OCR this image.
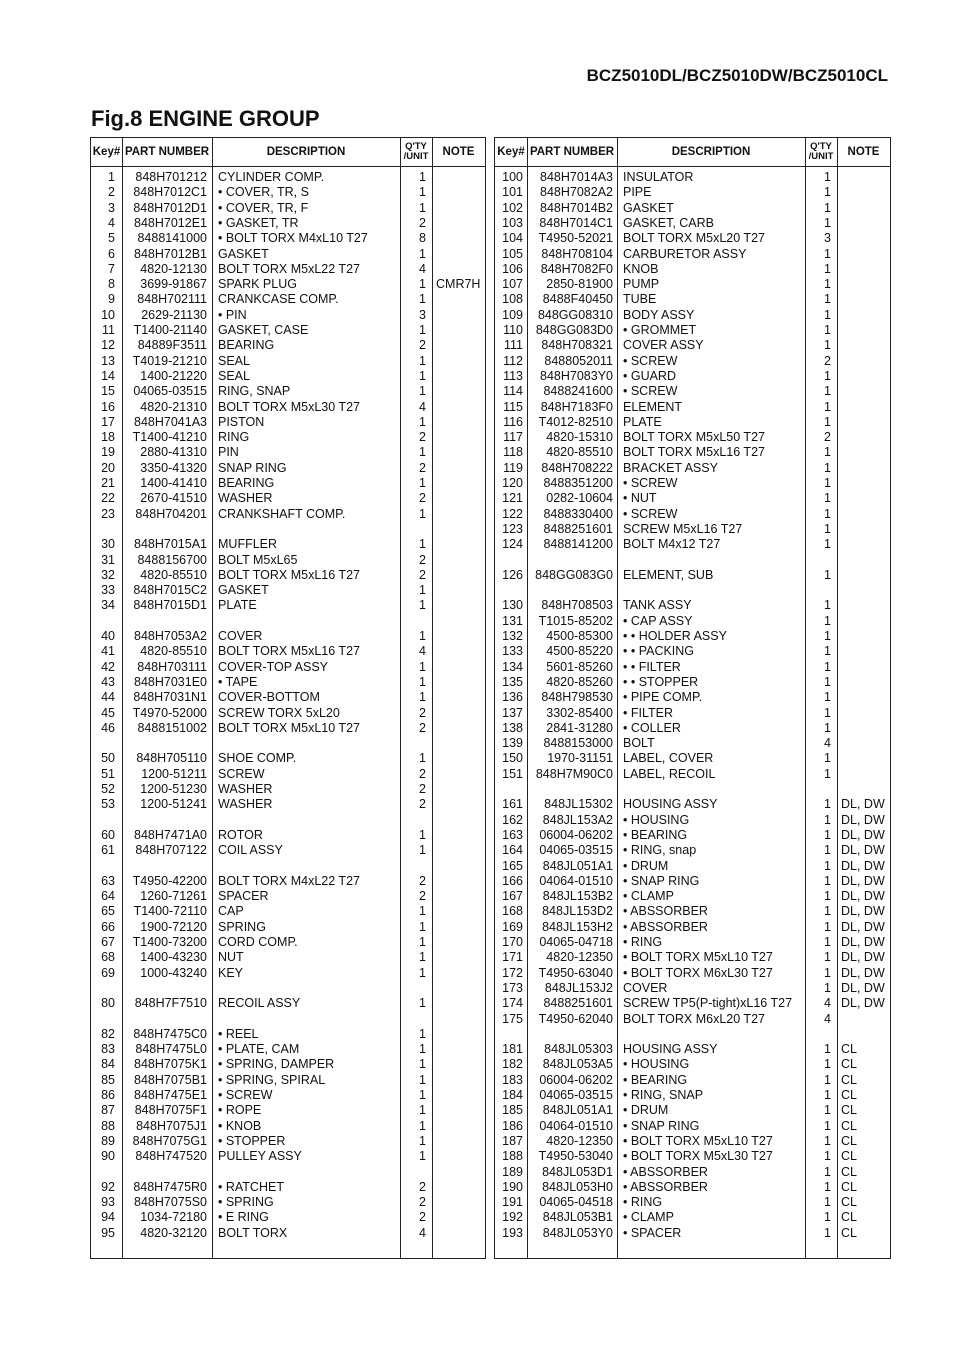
BCZ5010DL/BCZ5010DW/BCZ5010CL
Fig.8 ENGINE GROUP
Key# PART NUMBER	DESCRIPTION	Q'TY
/UNIT	NOTE
1	848H701212 CYLINDER COMP.	1
2	848H7012C1 • COVER, TR, S	1
3	848H7012D1 • COVER, TR, F	1
4	848H7012E1 • GASKET, TR	2
5	8488141000 • BOLT TORX M4xL10 T27	8
6	848H7012B1 GASKET	1
7	4820-12130 BOLT TORX M5xL22 T27	4
8	3699-91867 SPARK PLUG	1 CMR7H
9	848H702111 CRANKCASE COMP.	1
10	2629-21130 • PIN	3
11	T1400-21140 GASKET, CASE	1
12	84889F3511 BEARING	2
13	T4019-21210 SEAL	1
14	1400-21220 SEAL	1
15	04065-03515 RING, SNAP	1
16	4820-21310 BOLT TORX M5xL30 T27	4
17	848H7041A3 PISTON	1
18	T1400-41210 RING	2
19	2880-41310 PIN	1
20	3350-41320 SNAP RING	2
21	1400-41410 BEARING	1
22	2670-41510 WASHER	2
23	848H704201 CRANKSHAFT COMP.	1
30	848H7015A1 MUFFLER	1
31	8488156700 BOLT M5xL65	2
32	4820-85510 BOLT TORX M5xL16 T27	2
33	848H7015C2 GASKET	1
34	848H7015D1 PLATE	1
40	848H7053A2 COVER	1
41	4820-85510 BOLT TORX M5xL16 T27	4
42	848H703111 COVER-TOP ASSY	1
43	848H7031E0 • TAPE	1
44	848H7031N1 COVER-BOTTOM	1
45	T4970-52000 SCREW TORX 5xL20	2
46	8488151002 BOLT TORX M5xL10 T27	2
50	848H705110 SHOE COMP.	1
51	1200-51211 SCREW	2
52	1200-51230 WASHER	2
53	1200-51241 WASHER	2
60	848H7471A0 ROTOR	1
61	848H707122 COIL ASSY	1
63	T4950-42200 BOLT TORX M4xL22 T27	2
64	1260-71261 SPACER	2
65	T1400-72110 CAP	1
66	1900-72120 SPRING	1
67	T1400-73200 CORD COMP.	1
68	1400-43230 NUT	1
69	1000-43240 KEY	1
80	848H7F7510 RECOIL ASSY	1
82	848H7475C0 • REEL	1
83	848H7475L0 • PLATE, CAM	1
84	848H7075K1 • SPRING, DAMPER	1
85	848H7075B1 • SPRING, SPIRAL	1
86	848H7475E1 • SCREW	1
87	848H7075F1 • ROPE	1
88	848H7075J1 • KNOB	1
89	848H7075G1 • STOPPER	1
90	848H747520 PULLEY ASSY	1
92	848H7475R0 • RATCHET	2
93	848H7075S0 • SPRING	2
94	1034-72180 • E RING	2
95	4820-32120 BOLT TORX	4
Key# PART NUMBER	DESCRIPTION	Q'TY
/UNIT	NOTE
100	848H7014A3 INSULATOR	1
101	848H7082A2 PIPE	1
102	848H7014B2 GASKET	1
103	848H7014C1 GASKET, CARB	1
104	T4950-52021 BOLT TORX M5xL20 T27	3
105	848H708104 CARBURETOR ASSY	1
106	848H7082F0 KNOB	1
107	2850-81900 PUMP	1
108	8488F40450 TUBE	1
109	848GG08310 BODY ASSY	1
110	848GG083D0 • GROMMET	1
111	848H708321 COVER ASSY	1
112	8488052011 • SCREW	2
113	848H7083Y0 • GUARD	1
114	8488241600 • SCREW	1
115	848H7183F0 ELEMENT	1
116	T4012-82510 PLATE	1
117	4820-15310 BOLT TORX M5xL50 T27	2
118	4820-85510 BOLT TORX M5xL16 T27	1
119	848H708222 BRACKET ASSY	1
120	8488351200 • SCREW	1
121	0282-10604 • NUT	1
122	8488330400 • SCREW	1
123	8488251601 SCREW M5xL16 T27	1
124	8488141200 BOLT M4x12 T27	1
126 848GG083G0 ELEMENT, SUB	1
130	848H708503 TANK ASSY	1
131	T1015-85202 • CAP ASSY	1
132	4500-85300 • • HOLDER ASSY	1
133	4500-85220 • • PACKING	1
134	5601-85260 • • FILTER	1
135	4820-85260 • • STOPPER	1
136	848H798530 • PIPE COMP.	1
137	3302-85400 • FILTER	1
138	2841-31280 • COLLER	1
139	8488153000 BOLT	4
150	1970-31151 LABEL, COVER	1
151	848H7M90C0 LABEL, RECOIL	1
161	848JL15302 HOUSING ASSY	1 DL, DW
162	848JL153A2 • HOUSING	1 DL, DW
163	06004-06202 • BEARING	1 DL, DW
164	04065-03515 • RING, snap	1 DL, DW
165	848JL051A1 • DRUM	1 DL, DW
166	04064-01510 • SNAP RING	1 DL, DW
167	848JL153B2 • CLAMP	1 DL, DW
168	848JL153D2 • ABSSORBER	1 DL, DW
169	848JL153H2 • ABSSORBER	1 DL, DW
170	04065-04718 • RING	1 DL, DW
171	4820-12350 • BOLT TORX M5xL10 T27	1 DL, DW
172	T4950-63040 • BOLT TORX M6xL30 T27	1 DL, DW
173	848JL153J2 COVER	1 DL, DW
174	8488251601 SCREW TP5(P-tight)xL16 T27	4 DL, DW
175	T4950-62040 BOLT TORX M6xL20 T27	4
181	848JL05303 HOUSING ASSY	1 CL
182	848JL053A5 • HOUSING	1 CL
183	06004-06202 • BEARING	1 CL
184	04065-03515 • RING, SNAP	1 CL
185	848JL051A1 • DRUM	1 CL
186	04064-01510 • SNAP RING	1 CL
187	4820-12350 • BOLT TORX M5xL10 T27	1 CL
188	T4950-53040 • BOLT TORX M5xL30 T27	1 CL
189	848JL053D1 • ABSSORBER	1 CL
190	848JL053H0 • ABSSORBER	1 CL
191	04065-04518 • RING	1 CL
192	848JL053B1 • CLAMP	1 CL
193	848JL053Y0 • SPACER	1 CL
